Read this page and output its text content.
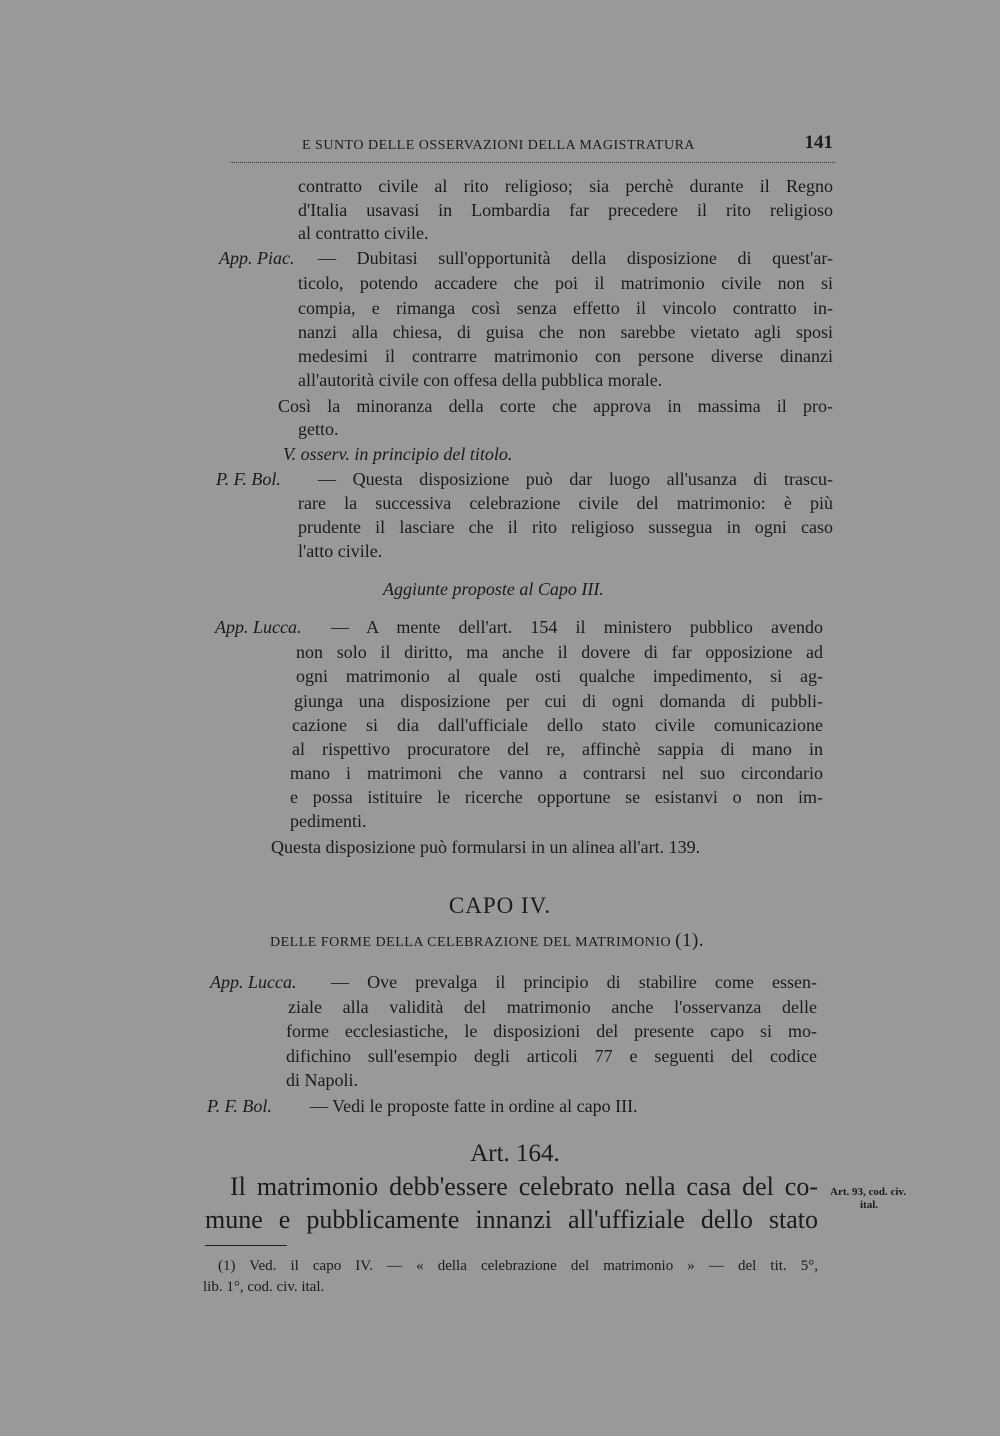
E SUNTO DELLE OSSERVAZIONI DELLA MAGISTRATURA	141
contratto civile al rito religioso; sia perchè durante il Regno
d'Italia usavasi in Lombardia far precedere il rito religioso
al contratto civile.
App. Piac. — Dubitasi sull'opportunità della disposizione di quest'ar-
ticolo, potendo accadere che poi il matrimonio civile non si
compia, e rimanga così senza effetto il vincolo contratto in-
nanzi alla chiesa, di guisa che non sarebbe vietato agli sposi
medesimi il contrarre matrimonio con persone diverse dinanzi
all'autorità civile con offesa della pubblica morale.
Così la minoranza della corte che approva in massima il pro-
getto.
V. osserv. in principio del titolo.
P. F. Bol. — Questa disposizione può dar luogo all'usanza di trascu-
rare la successiva celebrazione civile del matrimonio: è più
prudente il lasciare che il rito religioso sussegua in ogni caso
l'atto civile.
Aggiunte proposte al Capo III.
App. Lucca. — A mente dell'art. 154 il ministero pubblico avendo
non solo il diritto, ma anche il dovere di far opposizione ad
ogni matrimonio al quale osti qualche impedimento, si ag-
giunga una disposizione per cui di ogni domanda di pubbli-
cazione si dia dall'ufficiale dello stato civile comunicazione
al rispettivo procuratore del re, affinchè sappia di mano in
mano i matrimoni che vanno a contrarsi nel suo circondario
e possa istituire le ricerche opportune se esistanvi o non im-
pedimenti.
Questa disposizione può formularsi in un alinea all'art. 139.
CAPO IV.
DELLE FORME DELLA CELEBRAZIONE DEL MATRIMONIO (1).
App. Lucca. — Ove prevalga il principio di stabilire come essen-
ziale alla validità del matrimonio anche l'osservanza delle
forme ecclesiastiche, le disposizioni del presente capo si mo-
difichino sull'esempio degli articoli 77 e seguenti del codice
di Napoli.
P. F. Bol. — Vedi le proposte fatte in ordine al capo III.
Art. 164.
Il matrimonio debb'essere celebrato nella casa del co-
mune e pubblicamente innanzi all'uffiziale dello stato
Art. 93, cod. civ.
ital.
(1) Ved. il capo IV. — « della celebrazione del matrimonio » — del tit. 5°,
lib. 1°, cod. civ. ital.
